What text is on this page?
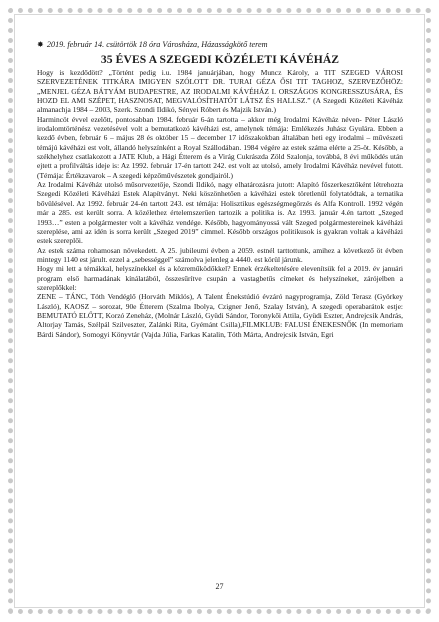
✸ 2019. február 14. csütörtök 18 óra Városháza, Házasságkötő terem
35 ÉVES A SZEGEDI KÖZÉLETI KÁVÉHÁZ

Hogy is kezdődött? „Történt pedig i.u. 1984 januárjában, hogy Muncz Károly, a TIT SZEGED VÁROSI SZERVEZETÉNEK TITKÁRA IMIGYEN SZÓLOTT DR. TURAI GÉZA ŐSI TIT TAGHOZ, SZERVEZŐHÖZ: „MENJEL GÉZA BÁTYÁM BUDAPESTRE, AZ IRODALMI KÁVÉHÁZ I. ORSZÁGOS KONGRESSZUSÁRA, ÉS HOZD EL AMI SZÉPET, HASZNOSAT, MEGVALÓSÍTHATÓT LÁTSZ ÉS HALLSZ.” (A Szegedi Közéleti Kávéház almanachja 1984 – 2003, Szerk. Szondi Ildikó, Sényei Róbert és Majzik István.)

Harmincöt évvel ezelőtt, pontosabban 1984. február 6-án tartotta – akkor még Irodalmi Kávéház néven- Péter László irodalomtörténész vezetésével volt a bemutatkozó kávéházi est, amelynek témája: Emlékezés Juhász Gyulára. Ebben a kezdő évben, február 6 – május 28 és október 15 – december 17 időszakokban általában heti egy irodalmi – művészeti témájú kávéházi est volt, állandó helyszínként a Royal Szállodában. 1984 végére az estek száma elérte a 25-öt. Később, a székhelyhez csatlakozott a JATE Klub, a Hági Étterem és a Virág Cukrászda Zöld Szalonja, továbbá, 8 évi működés után ejtett a profilváltás ideje is: Az 1992. február 17-én tartott 242. est volt az utolsó, amely Irodalmi Kávéház nevével futott. (Témája: Értékzavarok – A szegedi képzőművészetek gondjairól.)

Az Irodalmi Kávéház utolsó műsorvezetője, Szondi Ildikó, nagy elhatározásra jutott: Alapító főszerkesztőként létrehozta Szegedi Közéleti Kávéházi Estek Alapítványt. Neki köszönhetően a kávéházi estek töretlenül folytatódtak, a ternatika bővülésével. Az 1992. február 24-én tartott 243. est témája: Holisztikus egészségmegőrzés és Alfa Kontroll. 1992 végén már a 285. est került sorra. A közélethez értelemszerűen tartozik a politika is. Az 1993. január 4.én tartott „Szeged 1993…” esten a polgármester volt a kávéház vendége. Később, hagyományossá vált Szeged polgármestereinek kávéházi szereplése, ami az idén is sorra került „Szeged 2019” címmel. Később országos politikusok is gyakran voltak a kávéházi estek szereplői.

Az estek száma rohamosan növekedett. A 25. jubileumi évben a 2059. estnél tarttottunk, amihez a következő öt évben mintegy 1140 est járult. ezzel a „sebességgel” számolva jelenleg a 4440. est körül járunk.

Hogy mi lett a témákkal, helyszínekkel és a közreműködőkkel? Ennek érzékeltetésére elevenítsük fel a 2019. év januári program első harmadának kínálatából, összesűrítve csupán a vastagbetűs címeket és helyszíneket, zárójelben a szereplőkkel:

ZENE – TÁNC, Tóth Vendéglő (Horváth Miklós), A Talent Énekstúdió évzáró nagyprogramja, Zöld Terasz (Györkey László), KAOSZ – sorozat, 90e Étterem (Szalma Ibolya, Czigner Jenő, Szalay István), A szegedi operabarátok estje: BEMUTATÓ ELŐTT, Korzó Zeneház, (Molnár László, Gyüdi Sándor, Toronykői Attila, Gyüdi Eszter, Andrejcsik András, Altorjay Tamás, Szélpál Szilveszter, Zalánki Rita, Gyémánt Csilla),FILMKLUB: FALUSI ÉNEKESNŐK (In memoriam Bárdi Sándor), Somogyi Könyvtár (Vajda Júlia, Farkas Katalin, Tóth Márta, Andrejcsik István, Egri

27
